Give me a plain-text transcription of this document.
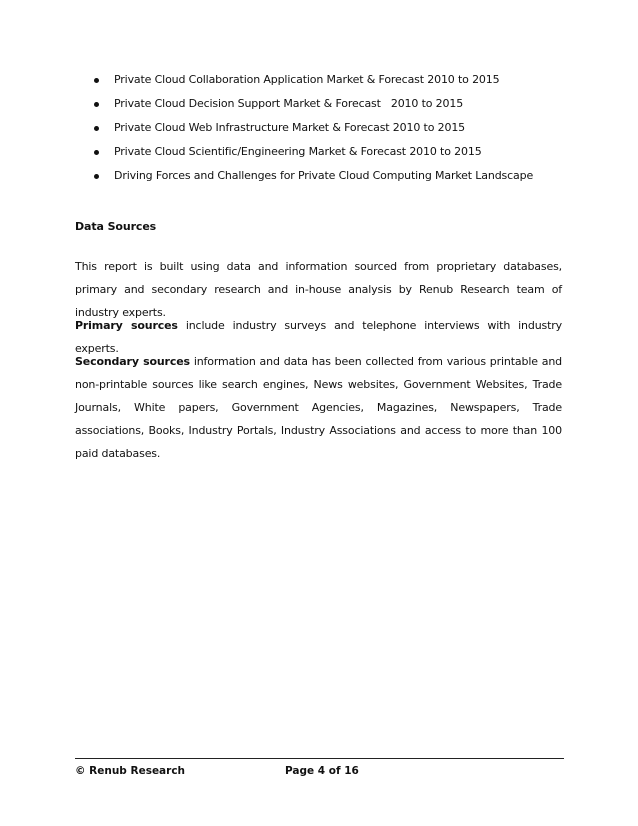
Private Cloud Collaboration Application Market & Forecast 2010 to 2015
Private Cloud Decision Support Market & Forecast   2010 to 2015
Private Cloud Web Infrastructure Market & Forecast 2010 to 2015
Private Cloud Scientific/Engineering Market & Forecast 2010 to 2015
Driving Forces and Challenges for Private Cloud Computing Market Landscape
Data Sources

This report is built using data and information sourced from proprietary databases, primary and secondary research and in-house analysis by Renub Research team of industry experts.

Primary sources include industry surveys and telephone interviews with industry experts.

Secondary sources information and data has been collected from various printable and non-printable sources like search engines, News websites, Government Websites, Trade Journals, White papers, Government Agencies, Magazines, Newspapers, Trade associations, Books, Industry Portals, Industry Associations and access to more than 100 paid databases.

© Renub Research	Page 4 of 16
